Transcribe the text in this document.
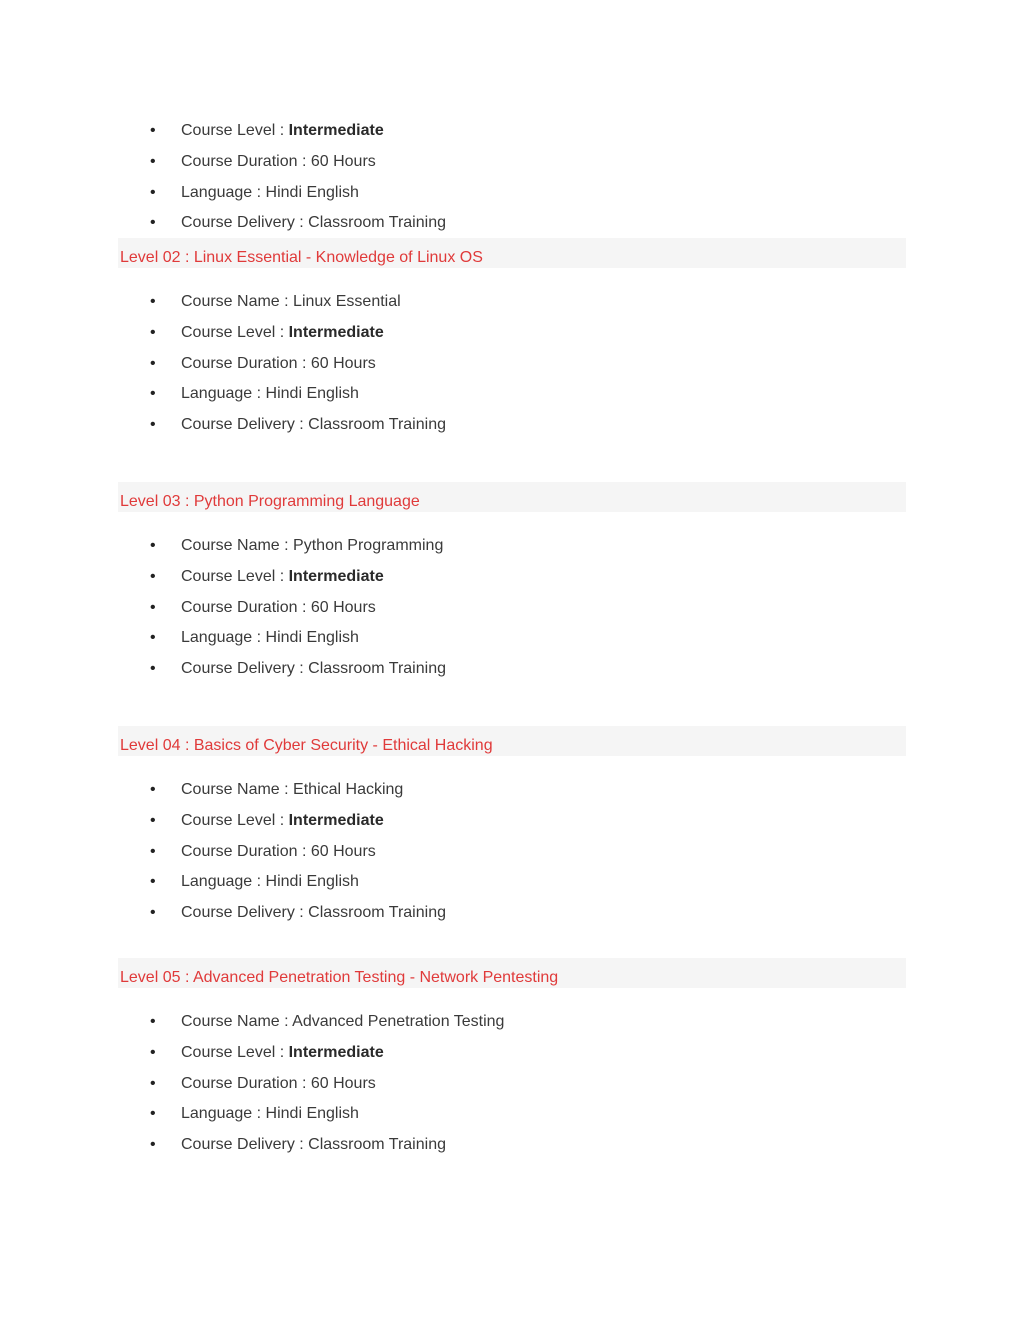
•
Course Level : Intermediate
•
Course Duration : 60 Hours
•
Language : Hindi English
•
Course Delivery : Classroom Training
Level 02 : Linux Essential - Knowledge of Linux OS
•
Course Name : Linux Essential
•
Course Level : Intermediate
•
Course Duration : 60 Hours
•
Language : Hindi English
•
Course Delivery : Classroom Training
Level 03 : Python Programming Language
•
Course Name : Python Programming
•
Course Level : Intermediate
•
Course Duration : 60 Hours
•
Language : Hindi English
•
Course Delivery : Classroom Training
Level 04 : Basics of Cyber Security - Ethical Hacking
•
Course Name : Ethical Hacking
•
Course Level : Intermediate
•
Course Duration : 60 Hours
•
Language : Hindi English
•
Course Delivery : Classroom Training
Level 05 : Advanced Penetration Testing - Network Pentesting
•
Course Name : Advanced Penetration Testing
•
Course Level : Intermediate
•
Course Duration : 60 Hours
•
Language : Hindi English
•
Course Delivery : Classroom Training
